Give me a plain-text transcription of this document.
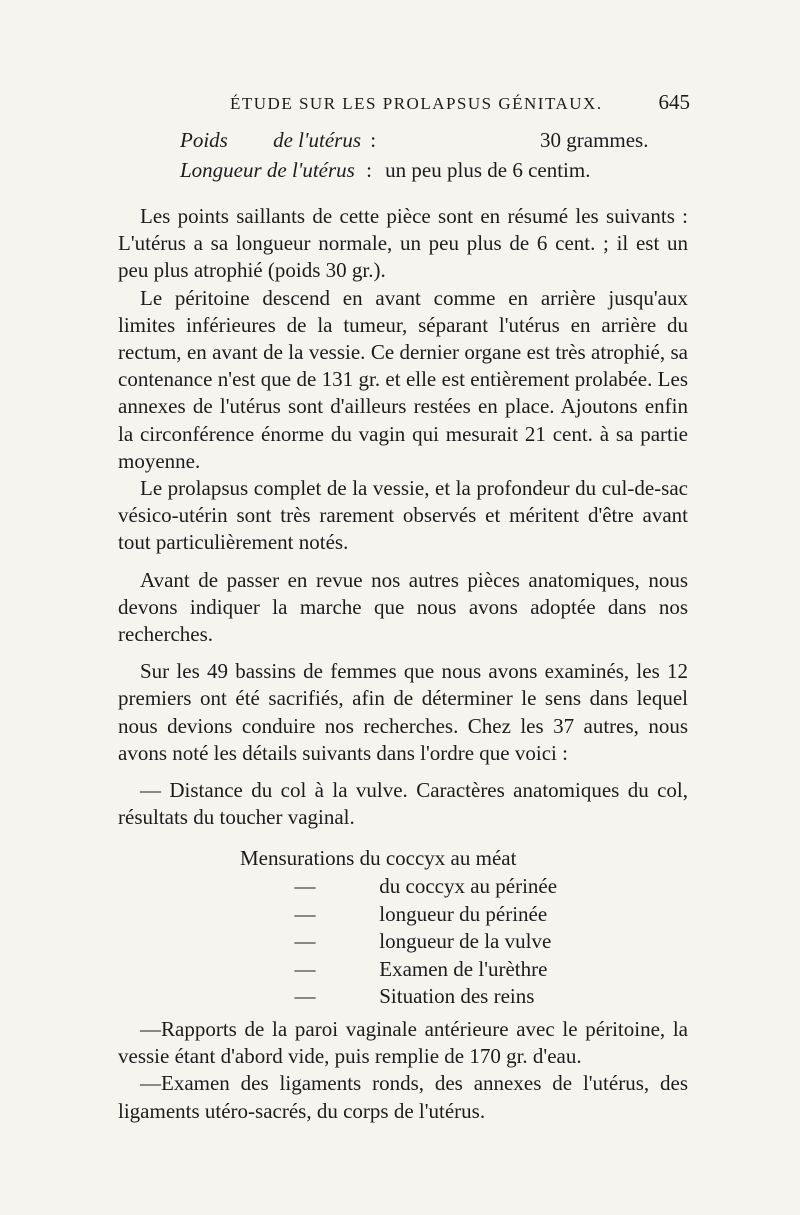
ÉTUDE SUR LES PROLAPSUS GÉNITAUX.	645
Poids de l'utérus :	30 grammes.
Longueur de l'utérus : un peu plus de 6 centim.

Les points saillants de cette pièce sont en résumé les suivants : L'utérus a sa longueur normale, un peu plus de 6 cent. ; il est un peu plus atrophié (poids 30 gr.).

Le péritoine descend en avant comme en arrière jusqu'aux limites inférieures de la tumeur, séparant l'utérus en arrière du rectum, en avant de la vessie. Ce dernier organe est très atrophié, sa contenance n'est que de 131 gr. et elle est entièrement prolabée. Les annexes de l'utérus sont d'ailleurs restées en place. Ajoutons enfin la circonférence énorme du vagin qui mesurait 21 cent. à sa partie moyenne.

Le prolapsus complet de la vessie, et la profondeur du cul-de-sac vésico-utérin sont très rarement observés et méritent d'être avant tout particulièrement notés.

Avant de passer en revue nos autres pièces anatomiques, nous devons indiquer la marche que nous avons adoptée dans nos recherches.

Sur les 49 bassins de femmes que nous avons examinés, les 12 premiers ont été sacrifiés, afin de déterminer le sens dans lequel nous devions conduire nos recherches. Chez les 37 autres, nous avons noté les détails suivants dans l'ordre que voici :

— Distance du col à la vulve. Caractères anatomiques du col, résultats du toucher vaginal.

Mensurations du coccyx au méat
—	du coccyx au périnée
—	longueur du périnée
—	longueur de la vulve
—	Examen de l'urèthre
—	Situation des reins

—Rapports de la paroi vaginale antérieure avec le péritoine, la vessie étant d'abord vide, puis remplie de 170 gr. d'eau.

—Examen des ligaments ronds, des annexes de l'utérus, des ligaments utéro-sacrés, du corps de l'utérus.
